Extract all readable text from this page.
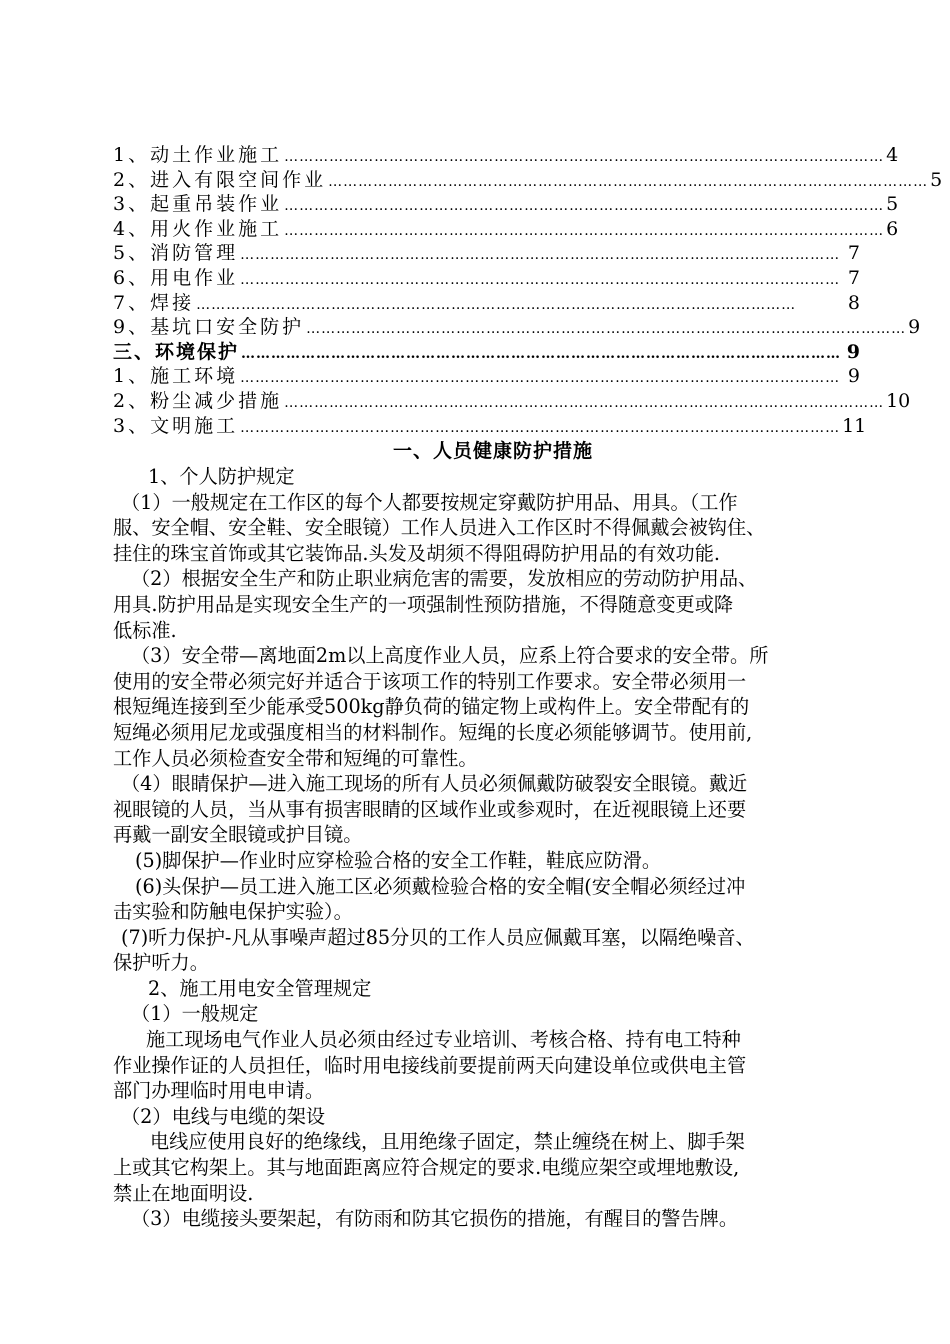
1、动土作业施工 ………………………………………………………………………………………………………… 4
2、进入有限空间作业 ………………………………………………………………………………………………………… 5
3、起重吊装作业 ………………………………………………………………………………………………………… 5
4、用火作业施工 ………………………………………………………………………………………………………… 6
5、消防管理 ………………………………………………………………………………………………………… 7
6、用电作业 ………………………………………………………………………………………………………… 7
7、焊接 …………………………………………………………………………………………………………	8
9、基坑口安全防护 ………………………………………………………………………………………………………… 9
三、环境保护 ………………………………………………………………………………………………………… 9
1、施工环境 ………………………………………………………………………………………………………… 9
2、粉尘减少措施 ………………………………………………………………………………………………………… 10
3、文明施工 ………………………………………………………………………………………………………… 11
一、人员健康防护措施
1、个人防护规定
（1）一般规定在工作区的每个人都要按规定穿戴防护用品、用具。（工作
服、安全帽、安全鞋、安全眼镜）工作人员进入工作区时不得佩戴会被钩住、
挂住的珠宝首饰或其它装饰品.头发及胡须不得阻碍防护用品的有效功能.
（2）根据安全生产和防止职业病危害的需要，发放相应的劳动防护用品、
用具.防护用品是实现安全生产的一项强制性预防措施，不得随意变更或降
低标准.
（3）安全带—离地面2m以上高度作业人员，应系上符合要求的安全带。所
使用的安全带必须完好并适合于该项工作的特别工作要求。安全带必须用一
根短绳连接到至少能承受500kg静负荷的锚定物上或构件上。安全带配有的
短绳必须用尼龙或强度相当的材料制作。短绳的长度必须能够调节。使用前,
工作人员必须检查安全带和短绳的可靠性。
（4）眼睛保护—进入施工现场的所有人员必须佩戴防破裂安全眼镜。戴近
视眼镜的人员，当从事有损害眼睛的区域作业或参观时，在近视眼镜上还要
再戴一副安全眼镜或护目镜。
(5)脚保护—作业时应穿检验合格的安全工作鞋，鞋底应防滑。
(6)头保护—员工进入施工区必须戴检验合格的安全帽(安全帽必须经过冲
击实验和防触电保护实验）。
(7)听力保护-凡从事噪声超过85分贝的工作人员应佩戴耳塞，以隔绝噪音、
保护听力。
2、施工用电安全管理规定
（1）一般规定
施工现场电气作业人员必须由经过专业培训、考核合格、持有电工特种
作业操作证的人员担任，临时用电接线前要提前两天向建设单位或供电主管
部门办理临时用电申请。
（2）电线与电缆的架设
电线应使用良好的绝缘线，且用绝缘子固定，禁止缠绕在树上、脚手架
上或其它构架上。其与地面距离应符合规定的要求.电缆应架空或埋地敷设,
禁止在地面明设.
（3）电缆接头要架起，有防雨和防其它损伤的措施，有醒目的警告牌。
